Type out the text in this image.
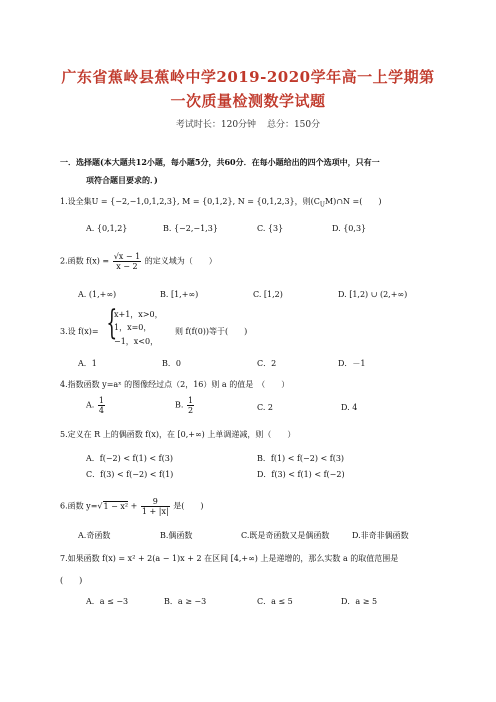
广东省蕉岭县蕉岭中学2019-2020学年高一上学期第
一次质量检测数学试题
考试时长：120分钟 总分：150分
一．选择题(本大题共12小题，每小题5分，共60分．在每小题给出的四个选项中，只有一
项符合题目要求的．)
1.设全集U = {−2,−1,0,1,2,3}, M = {0,1,2}, N = {0,1,2,3}，则$(C_UM)\cap N$ =(　　)
A. {0,1,2}	B. {−2,−1,3}	C. {3}	D. {0,3}
2.函数 $f(x) = \frac{√x - 1}{x - 2}$ 的定义域为（　　）
A. (1,+∞)	B. [1,+∞)	C. [1,2)	D. [1,2) ∪ (2,+∞)
3.设 f(x)= {
x+1，x>0，
1，x=0，
−1，x<0，
则 f(f(0))等于(　　)
A．1	B．0	C．2	D．－1
4.指数函数 y=aˣ 的图像经过点（2，16）则 a 的值是　（　　）
A. $\frac{1}{4}$	B. $\frac{1}{2}$	C. 2	D. 4
5.定义在 R 上的偶函数 f(x)，在 [0,+∞) 上单调递减，则（　　）
A．f(−2) < f(1) < f(3)	B．f(1) < f(−2) < f(3)
C．f(3) < f(−2) < f(1)	D．f(3) < f(1) < f(−2)
6.函数 $y=√1 - x^2 + \frac{9}{1 + |x|}$ 是(　　)
A.奇函数	B.偶函数	C.既是奇函数又是偶函数	D.非奇非偶函数
7.如果函数 f(x) = x² + 2(a − 1)x + 2 在区间 [4,+∞) 上是递增的，那么实数 a 的取值范围是
(　　)
A．a ≤ −3	B．a ≥ −3	C．a ≤ 5	D．a ≥ 5
